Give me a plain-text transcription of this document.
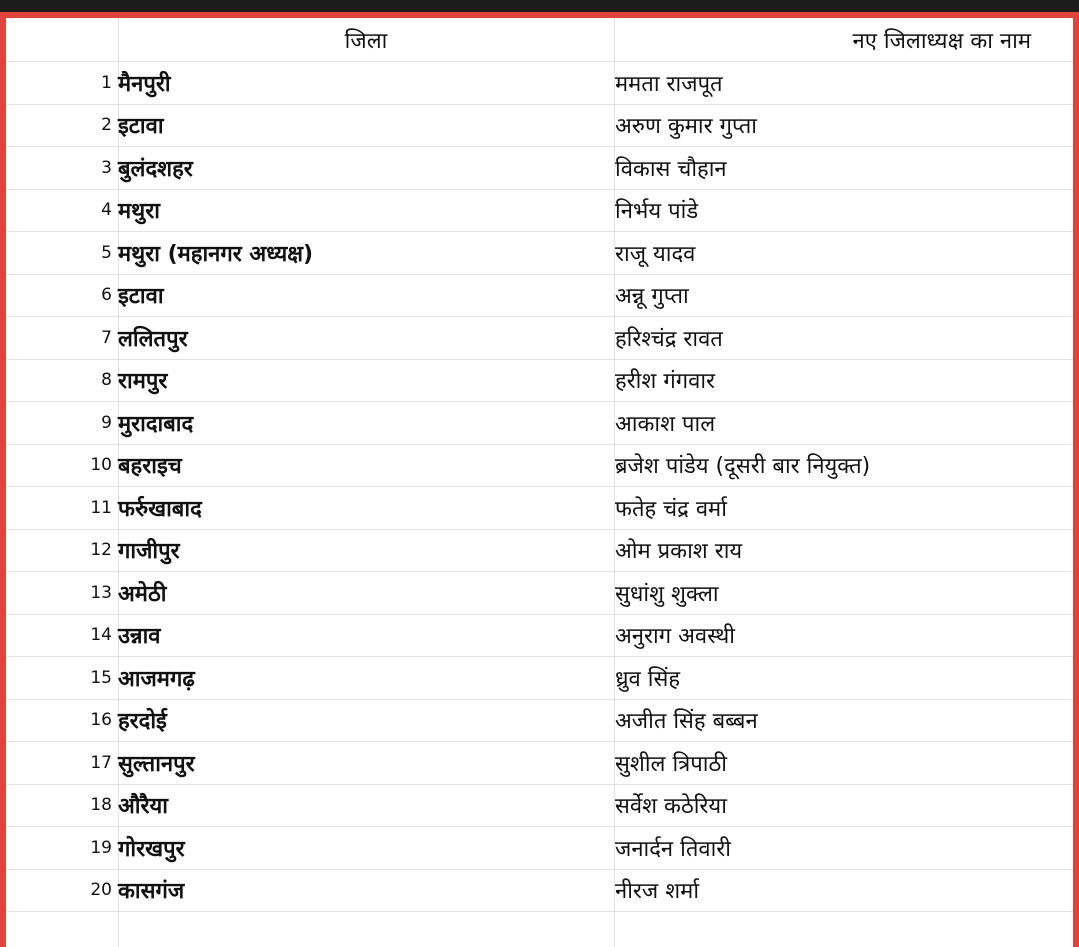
जिला	नए जिलाध्यक्ष का नाम
1 मैनपुरी	ममता राजपूत
2 इटावा	अरुण कुमार गुप्ता
3 बुलंदशहर	विकास चौहान
4 मथुरा	निर्भय पांडे
5 मथुरा (महानगर अध्यक्ष)	राजू यादव
6 इटावा	अन्नू गुप्ता
7 ललितपुर	हरिश्चंद्र रावत
8 रामपुर	हरीश गंगवार
9 मुरादाबाद	आकाश पाल
10 बहराइच	ब्रजेश पांडेय (दूसरी बार नियुक्त)
11 फर्रुखाबाद	फतेह चंद्र वर्मा
12 गाजीपुर	ओम प्रकाश राय
13 अमेठी	सुधांशु शुक्ला
14 उन्नाव	अनुराग अवस्थी
15 आजमगढ़	ध्रुव सिंह
16 हरदोई	अजीत सिंह बब्बन
17 सुल्तानपुर	सुशील त्रिपाठी
18 औरैया	सर्वेश कठेरिया
19 गोरखपुर	जनार्दन तिवारी
20 कासगंज	नीरज शर्मा
